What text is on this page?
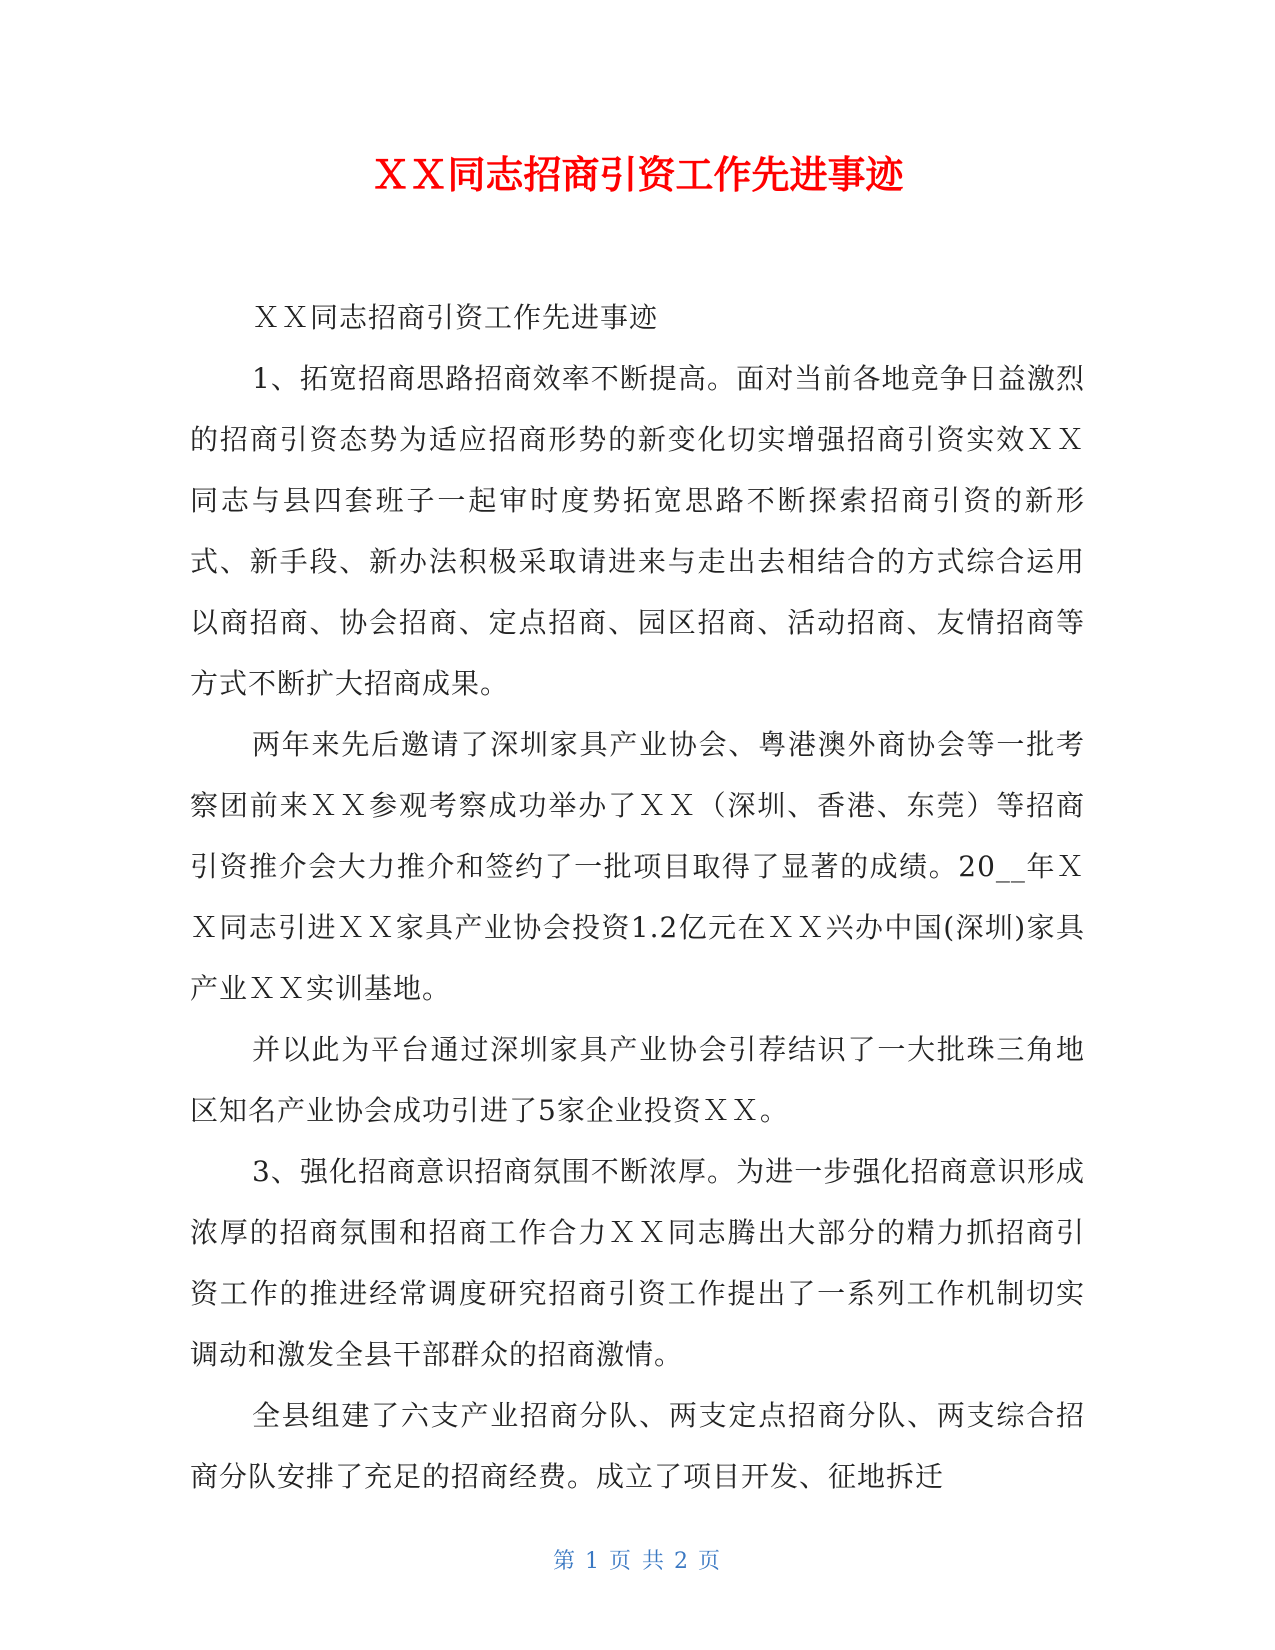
ＸＸ同志招商引资工作先进事迹

ＸＸ同志招商引资工作先进事迹

1、拓宽招商思路招商效率不断提高。面对当前各地竞争日益激烈的招商引资态势为适应招商形势的新变化切实增强招商引资实效ＸＸ同志与县四套班子一起审时度势拓宽思路不断探索招商引资的新形式、新手段、新办法积极采取请进来与走出去相结合的方式综合运用以商招商、协会招商、定点招商、园区招商、活动招商、友情招商等方式不断扩大招商成果。

两年来先后邀请了深圳家具产业协会、粤港澳外商协会等一批考察团前来ＸＸ参观考察成功举办了ＸＸ（深圳、香港、东莞）等招商引资推介会大力推介和签约了一批项目取得了显著的成绩。20__年ＸＸ同志引进ＸＸ家具产业协会投资1.2亿元在ＸＸ兴办中国(深圳)家具产业ＸＸ实训基地。

并以此为平台通过深圳家具产业协会引荐结识了一大批珠三角地区知名产业协会成功引进了5家企业投资ＸＸ。

3、强化招商意识招商氛围不断浓厚。为进一步强化招商意识形成浓厚的招商氛围和招商工作合力ＸＸ同志腾出大部分的精力抓招商引资工作的推进经常调度研究招商引资工作提出了一系列工作机制切实调动和激发全县干部群众的招商激情。

全县组建了六支产业招商分队、两支定点招商分队、两支综合招商分队安排了充足的招商经费。成立了项目开发、征地拆迁

第 1 页 共 2 页
